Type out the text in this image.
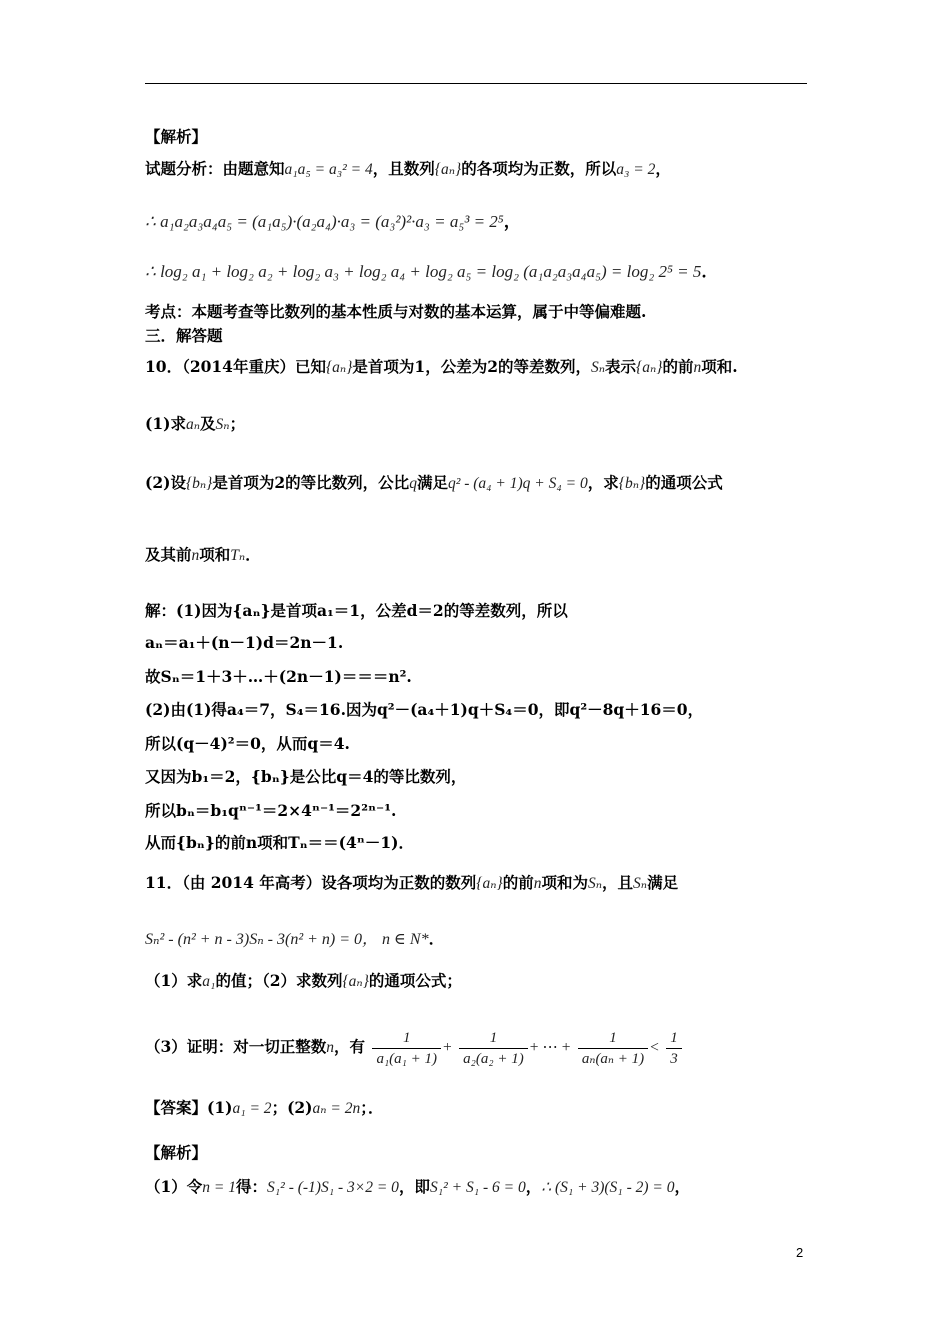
【解析】
试题分析：由题意知a₁a₅ = a₃² = 4，且数列{aₙ}的各项均为正数，所以a₃ = 2，
∴ a₁a₂a₃a₄a₅ = (a₁a₅)·(a₂a₄)·a₃ = (a₃²)²·a₃ = a₅³ = 2⁵，
∴ log₂ a₁ + log₂ a₂ + log₂ a₃ + log₂ a₄ + log₂ a₅ = log₂ (a₁a₂a₃a₄a₅) = log₂ 2⁵ = 5．
考点：本题考查等比数列的基本性质与对数的基本运算，属于中等偏难题.
三．解答题
10．（2014年重庆）已知{aₙ}是首项为1，公差为2的等差数列，Sₙ表示{aₙ}的前n项和.
(1)求aₙ及Sₙ；
(2)设{bₙ}是首项为2的等比数列，公比q满足q² - (a₄ + 1)q + S₄ = 0，求{bₙ}的通项公式
及其前n项和Tₙ．
解：(1)因为{aₙ}是首项a₁＝1，公差d＝2的等差数列，所以
aₙ＝a₁＋(n－1)d＝2n－1.
故Sₙ＝1＋3＋…＋(2n－1)＝＝＝n².
(2)由(1)得a₄＝7，S₄＝16.因为q²－(a₄＋1)q＋S₄＝0，即q²－8q＋16＝0，
所以(q－4)²＝0，从而q＝4.
又因为b₁＝2，{bₙ}是公比q＝4的等比数列，
所以bₙ＝b₁qⁿ⁻¹＝2×4ⁿ⁻¹＝2²ⁿ⁻¹.
从而{bₙ}的前n项和Tₙ＝＝(4ⁿ－1)．
11．（由 2014 年高考）设各项均为正数的数列{aₙ}的前n项和为Sₙ，且Sₙ满足
Sₙ² - (n² + n - 3)Sₙ - 3(n² + n) = 0， n ∈ N*．
（1）求a₁的值；（2）求数列{aₙ}的通项公式；
（3）证明：对一切正整数n，有 $\frac{1}{\text{a₁(a₁ + 1)}} + \frac{1}{\text{a₂(a₂ + 1)}}$ + ⋯ + $\frac{1}{\text{aₙ(aₙ + 1)}} < \frac{1}{3}$
【答案】(1)a₁ = 2；(2)aₙ = 2n；．
【解析】
（1）令n = 1得：S₁² - (-1)S₁ - 3×2 = 0，即S₁² + S₁ - 6 = 0，∴ (S₁ + 3)(S₁ - 2) = 0，
2
